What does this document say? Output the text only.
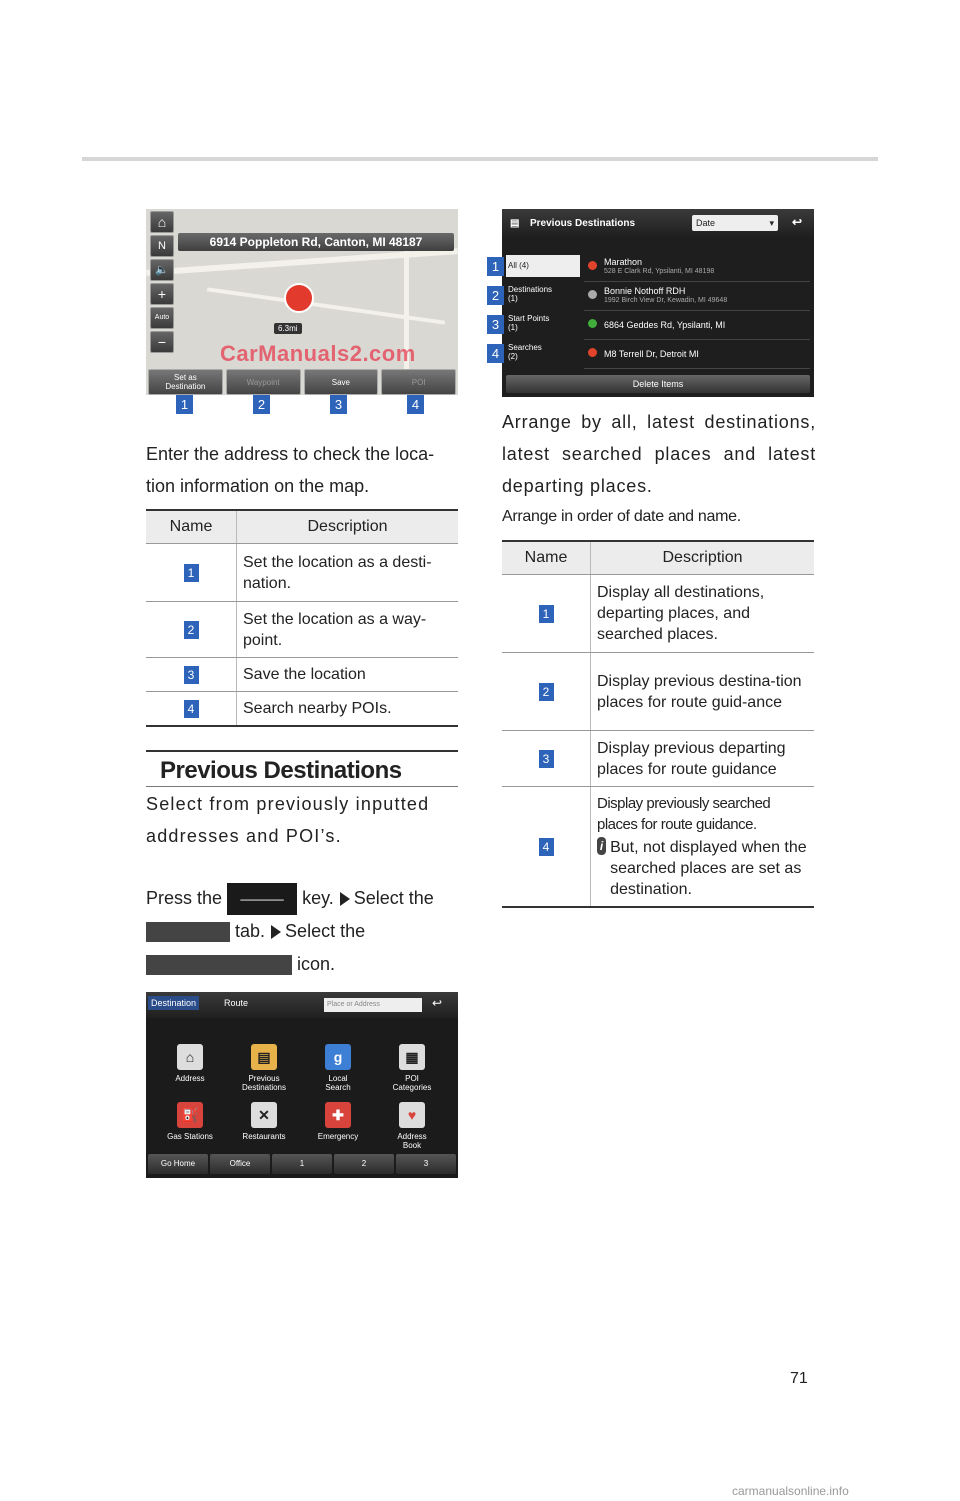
⌂
N
🔈
+
Auto
−
6914 Poppleton Rd, Canton, MI 48187
6.3mi
CarManuals2.com
Set as
Destination	Waypoint	Save	POI
1	2	3	4
Enter the address to check the loca-tion information on the map.
Name	Description
1	Set the location as a desti-nation.
2	Set the location as a way-point.
3	Save the location
4	Search nearby POIs.
Previous Destinations
Select from previously inputted addresses and POI’s.
Press the ⸻ key. Select the
tab. Select the
icon.
Destination	Route	Place or Address	↩
⌂
Address
▤
Previous
Destinations
g
Local
Search
▦
POI
Categories
⛽
Gas Stations
✕
Restaurants
✚
Emergency
♥
Address
Book
Go Home	Office	1	2	3
▤ Previous Destinations	Date	▾	↩
All (4)
Destinations
(1)
Start Points
(1)
Searches
(2)
Marathon
528 E Clark Rd, Ypsilanti, MI 48198
Bonnie Nothoff RDH
1992 Birch View Dr, Kewadin, MI 49648
6864 Geddes Rd, Ypsilanti, MI
M8 Terrell Dr, Detroit MI
Delete Items
1
2
3
4
Arrange by all, latest destinations, latest searched places and latest departing places.
Arrange in order of date and name.
Name	Description
1	Display all destinations, departing places, and searched places.
2	Display previous destina-tion places for route guid-ance
3	Display previous departing places for route guidance
4	Display previously searched places for route guidance.
i But, not displayed when the searched places are set as destination.
71
carmanualsonline.info
